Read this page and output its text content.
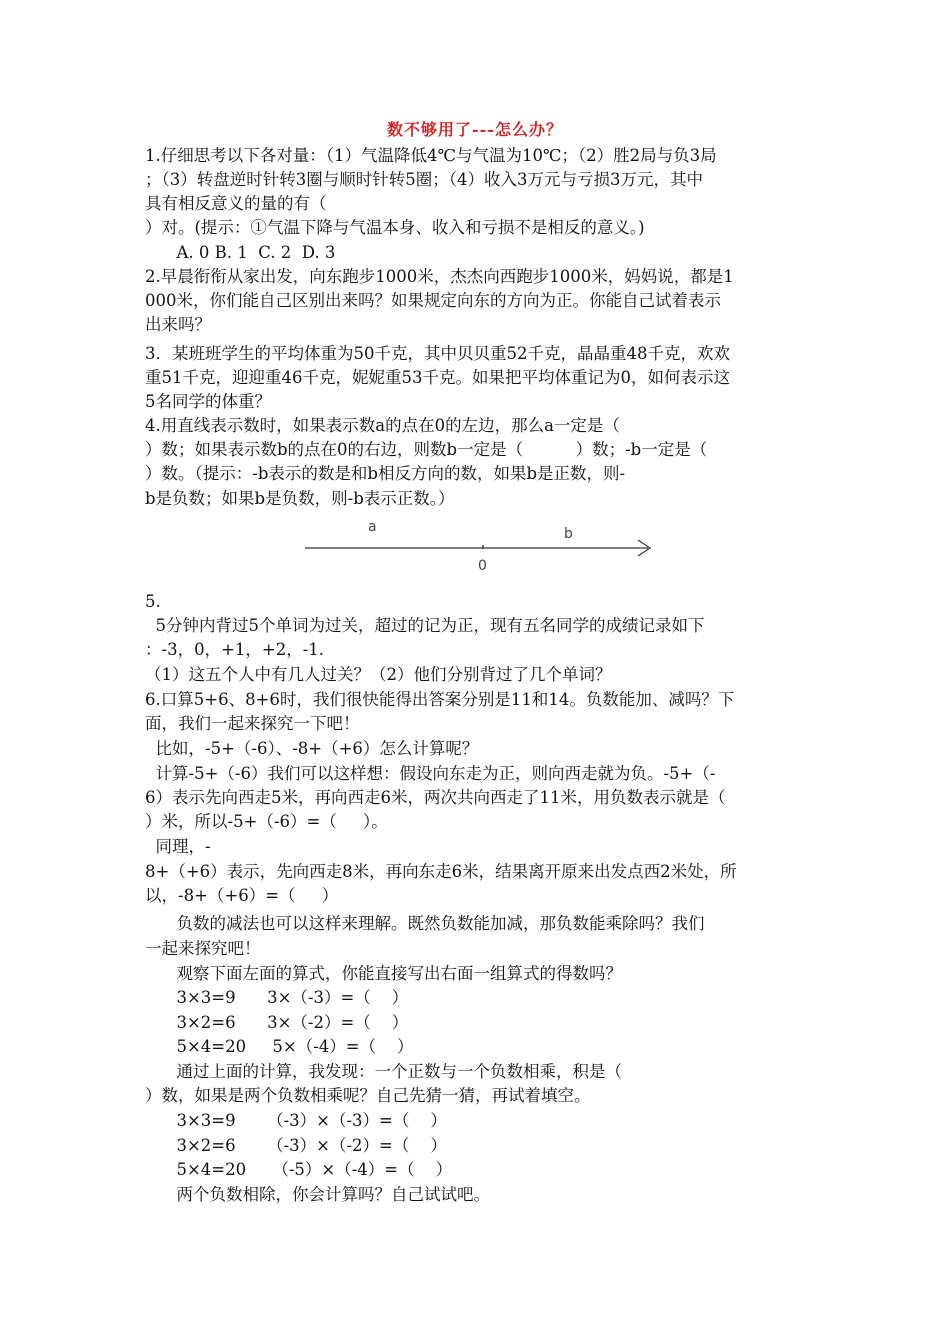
数不够用了---怎么办？
1.仔细思考以下各对量：（1）气温降低4℃与气温为10℃；（2）胜2局与负3局
；（3）转盘逆时针转3圈与顺时针转5圈；（4）收入3万元与亏损3万元，其中
具有相反意义的量的有（
）对。(提示：①气温下降与气温本身、收入和亏损不是相反的意义。)
A. 0 B. 1  C. 2  D. 3
2.早晨衔衔从家出发，向东跑步1000米，杰杰向西跑步1000米，妈妈说，都是1
000米，你们能自己区别出来吗？如果规定向东的方向为正。你能自己试着表示
出来吗？
3．某班班学生的平均体重为50千克，其中贝贝重52千克，晶晶重48千克，欢欢
重51千克，迎迎重46千克，妮妮重53千克。如果把平均体重记为0，如何表示这
5名同学的体重？
4.用直线表示数时，如果表示数a的点在0的左边，那么a一定是（
）数；如果表示数b的点在0的右边，则数b一定是（          ）数；-b一定是（
）数。（提示：-b表示的数是和b相反方向的数，如果b是正数，则-
b是负数；如果b是负数，则-b表示正数。）
5.
5分钟内背过5个单词为过关，超过的记为正，现有五名同学的成绩记录如下
：-3，0，+1，+2，-1.
（1）这五个人中有几人过关？（2）他们分别背过了几个单词？
6.口算5+6、8+6时，我们很快能得出答案分别是11和14。负数能加、减吗？下
面，我们一起来探究一下吧！
比如，-5+（-6）、-8+（+6）怎么计算呢？
计算-5+（-6）我们可以这样想：假设向东走为正，则向西走就为负。-5+（-
6）表示先向西走5米，再向西走6米，两次共向西走了11米，用负数表示就是（
）米，所以-5+（-6）=（     ）。
同理，-
8+（+6）表示，先向西走8米，再向东走6米，结果离开原来出发点西2米处，所
以，-8+（+6）=（     ）
负数的减法也可以这样来理解。既然负数能加减，那负数能乘除吗？我们
一起来探究吧！
观察下面左面的算式，你能直接写出右面一组算式的得数吗？
3×3=9      3×（-3）=（    ）
3×2=6      3×（-2）=（    ）
5×4=20     5×（-4）=（    ）
通过上面的计算，我发现：一个正数与一个负数相乘，积是（
）数，如果是两个负数相乘呢？自己先猜一猜，再试着填空。
3×3=9      （-3）×（-3）=（    ）
3×2=6      （-3）×（-2）=（    ）
5×4=20     （-5）×（-4）=（    ）
两个负数相除，你会计算吗？自己试试吧。
a	b
0
